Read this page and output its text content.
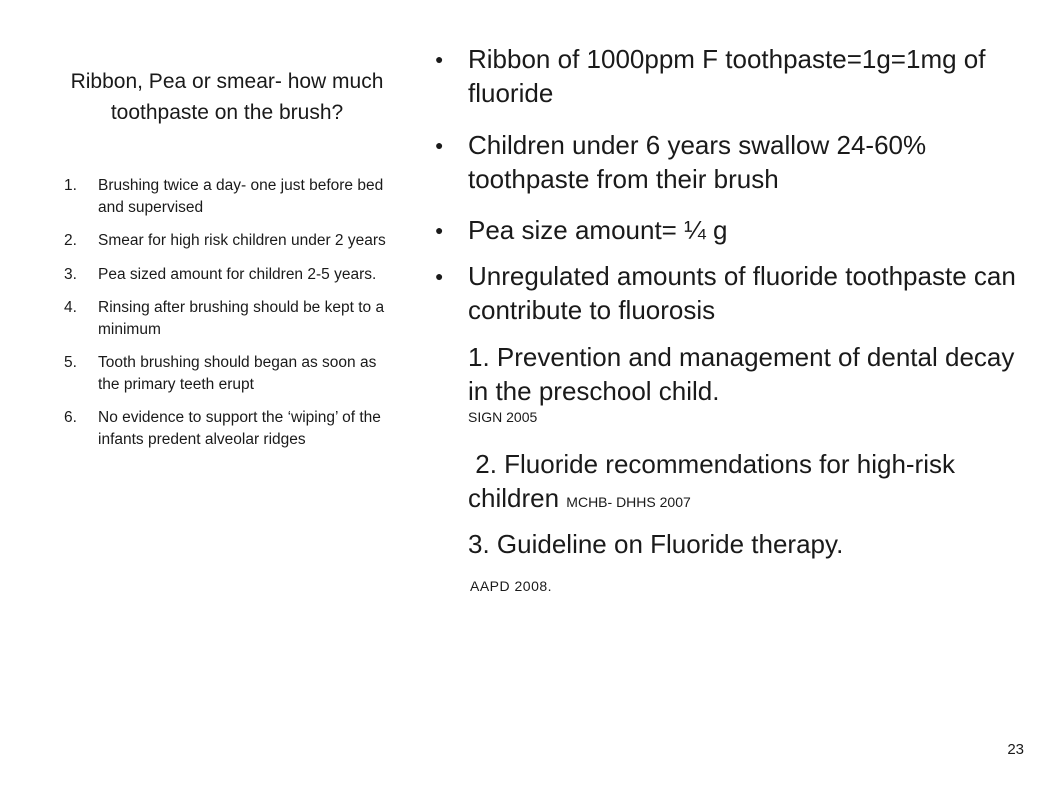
Ribbon, Pea or smear- how much toothpaste on the brush?
1.	Brushing twice a day- one just before bed and supervised
2.	Smear for high risk children under 2 years
3.	Pea sized amount for children 2-5 years.
4.	Rinsing after brushing should be kept to a minimum
5.	Tooth brushing should began as soon as the primary teeth erupt
6.	No evidence to support the ‘wiping’ of the infants predent alveolar ridges
● Ribbon of 1000ppm F toothpaste=1g=1mg of fluoride
● Children under 6 years swallow 24-60% toothpaste from their brush
● Pea size amount= ¼ g
● Unregulated amounts of fluoride toothpaste can contribute to fluorosis
1. Prevention and management of dental decay in the preschool child.
SIGN 2005
2. Fluoride recommendations for high-risk children MCHB- DHHS 2007
3. Guideline on Fluoride therapy.
AAPD 2008.
23
